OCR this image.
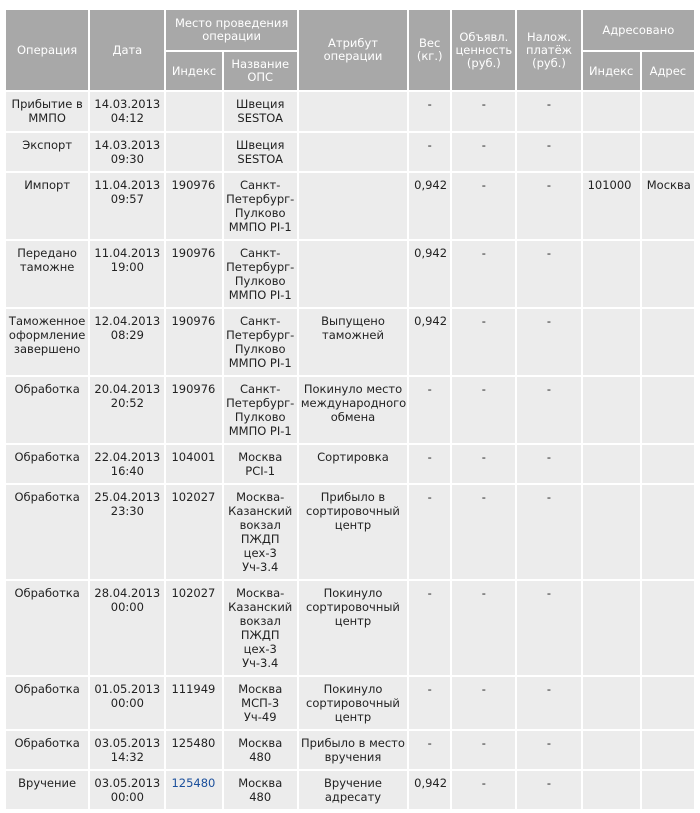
Операция	Дата	Место проведения операции		Атрибут операции	Вес (кг.)	Объявл. ценность (руб.)	Налож. платёж (руб.)	Адресовано	
		Индекс	Название ОПС					Индекс	Адрес
Прибытие в ММПО	14.03.2013 04:12		Швеция SESTOA		-	-	-		
Экспорт	14.03.2013 09:30		Швеция SESTOA		-	-	-		
Импорт	11.04.2013 09:57	190976	Санкт-Петербург-Пулково ММПО PI-1		0,942	-	-	101000	Москва
Передано таможне	11.04.2013 19:00	190976	Санкт-Петербург-Пулково ММПО PI-1		0,942	-	-		
Таможенное оформление завершено	12.04.2013 08:29	190976	Санкт-Петербург-Пулково ММПО PI-1	Выпущено таможней	0,942	-	-		
Обработка	20.04.2013 20:52	190976	Санкт-Петербург-Пулково ММПО PI-1	Покинуло место международного обмена	-	-	-		
Обработка	22.04.2013 16:40	104001	Москва PCI-1	Сортировка	-	-	-		
Обработка	25.04.2013 23:30	102027	Москва-Казанский вокзал ПЖДП цех-3 Уч-3.4	Прибыло в сортировочный центр	-	-	-		
Обработка	28.04.2013 00:00	102027	Москва-Казанский вокзал ПЖДП цех-3 Уч-3.4	Покинуло сортировочный центр	-	-	-		
Обработка	01.05.2013 00:00	111949	Москва МСП-3 Уч-49	Покинуло сортировочный центр	-	-	-		
Обработка	03.05.2013 14:32	125480	Москва 480	Прибыло в место вручения	-	-	-		
Вручение	03.05.2013 00:00	125480	Москва 480	Вручение адресату	0,942	-	-		
